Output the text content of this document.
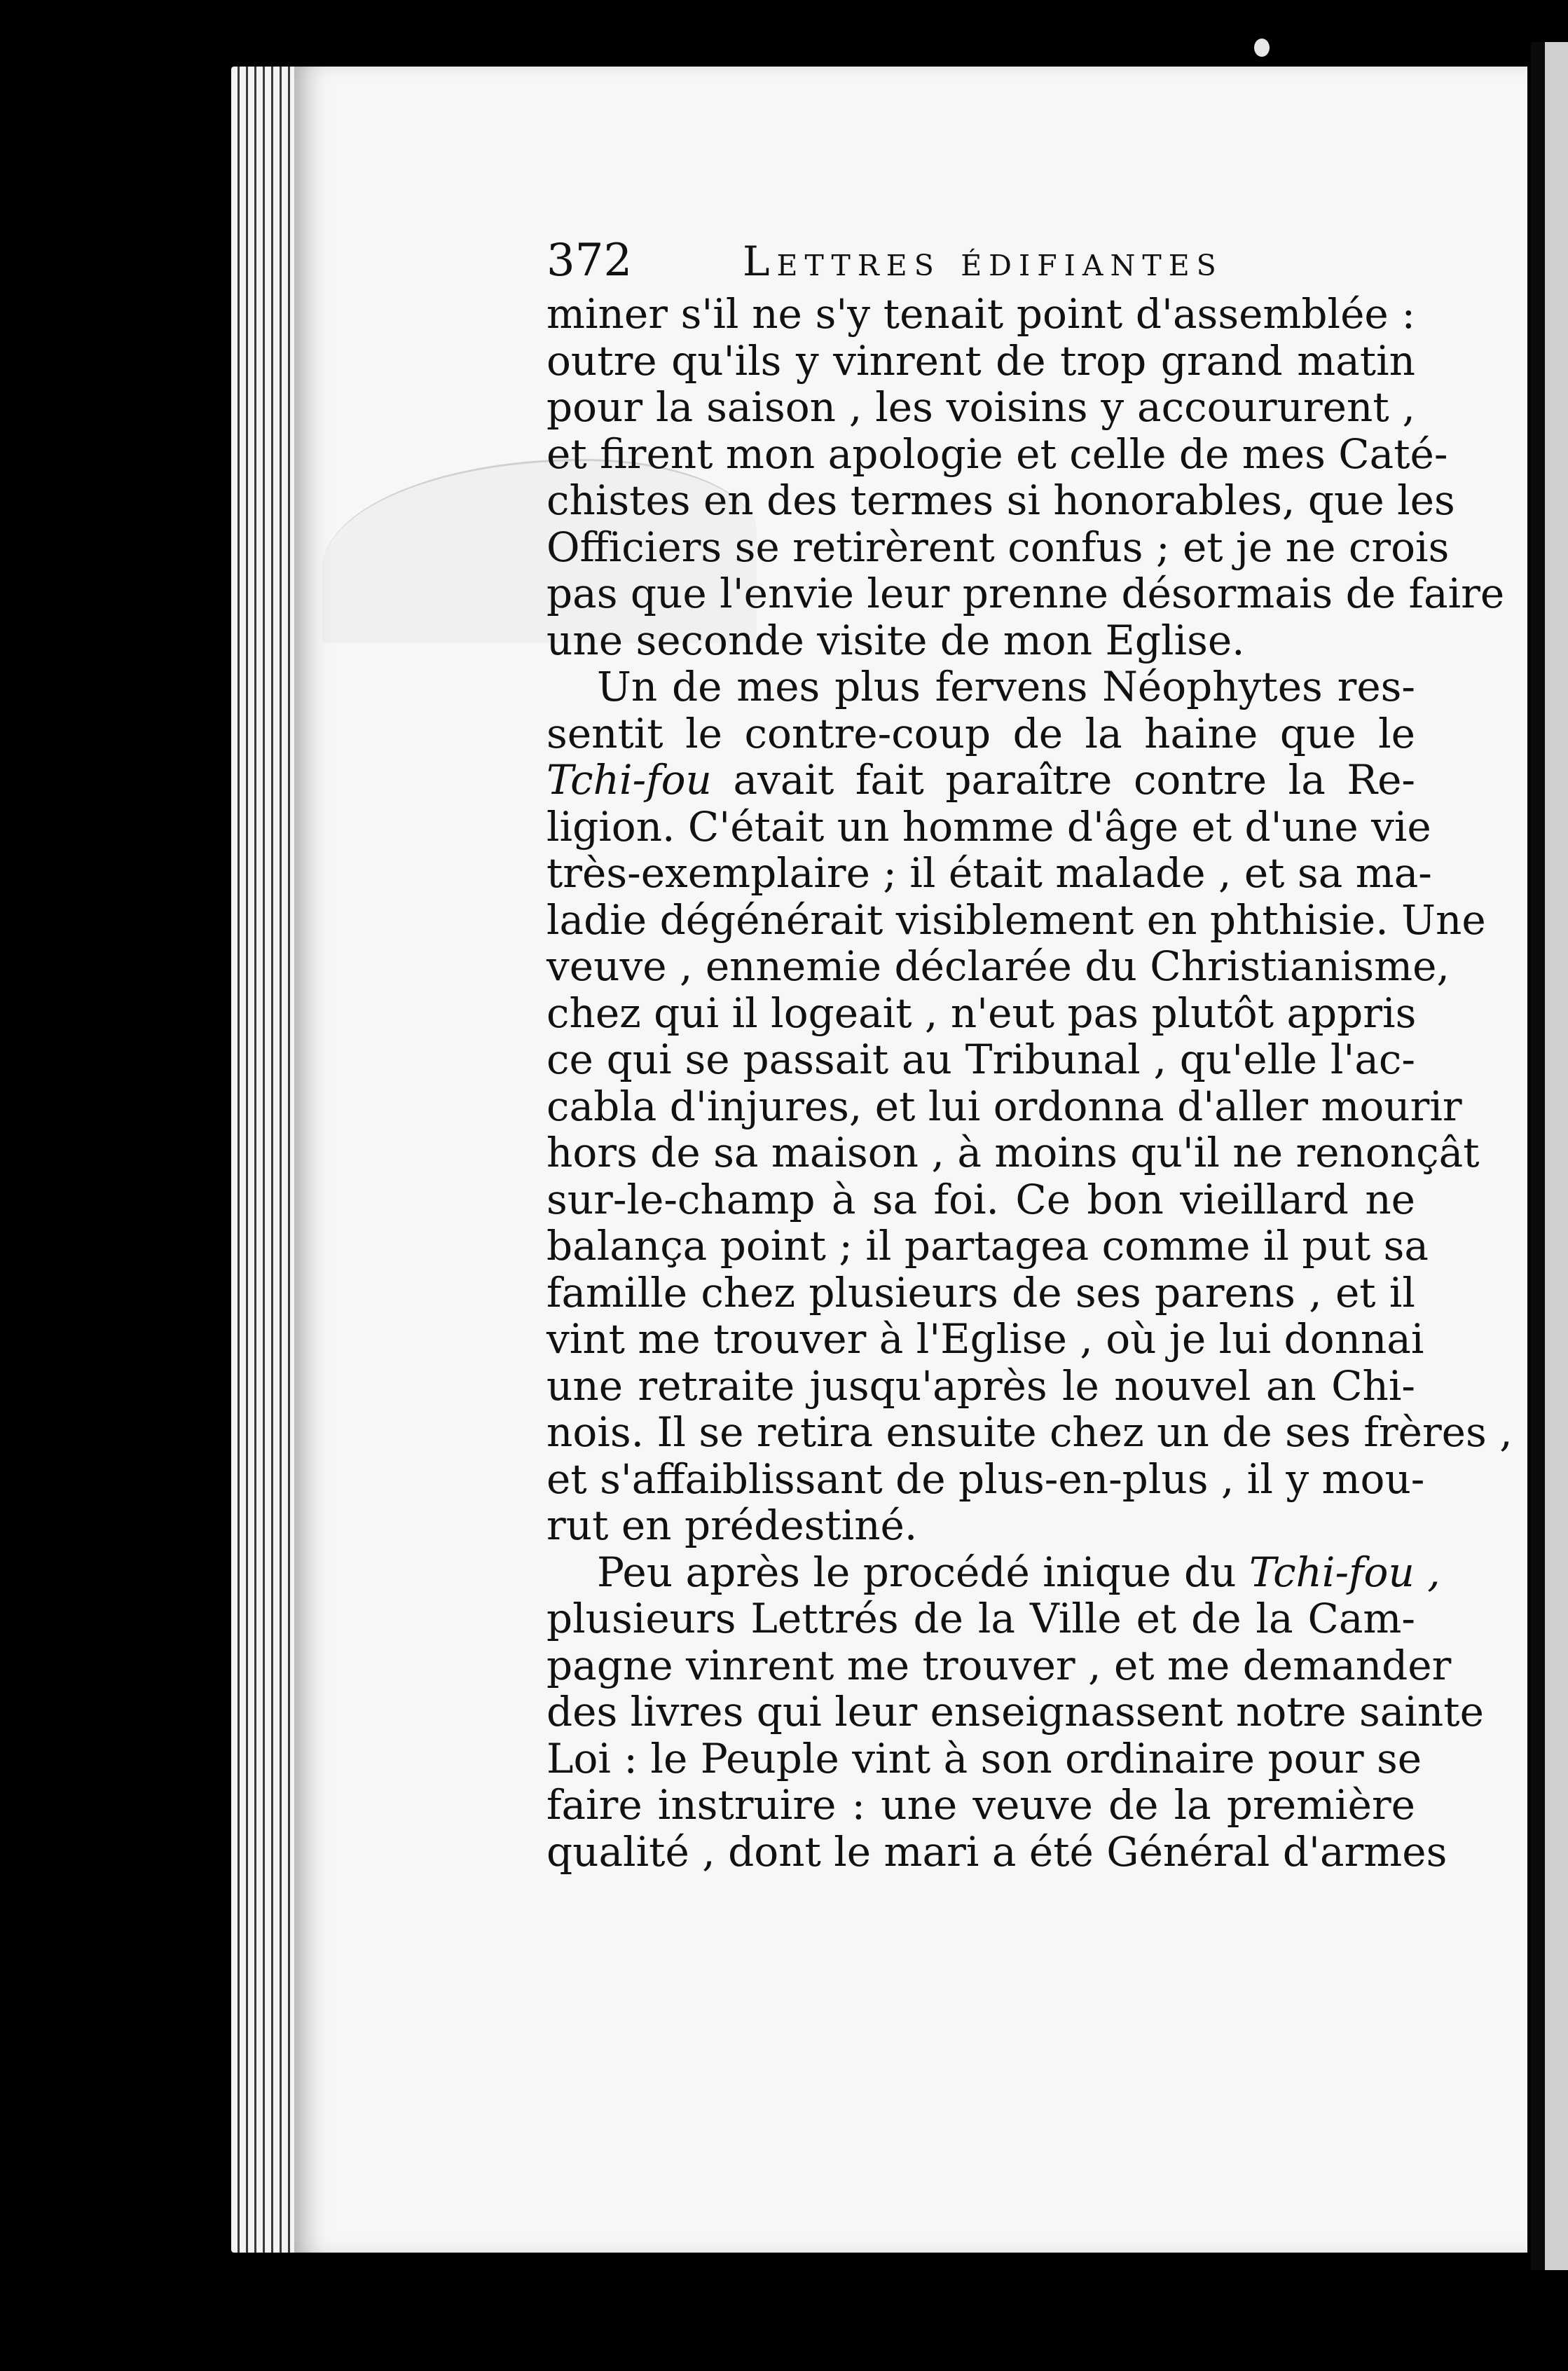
372	Lettres édifiantes
miner s'il ne s'y tenait point d'assemblée :
outre qu'ils y vinrent de trop grand matin
pour la saison , les voisins y accoururent ,
et firent mon apologie et celle de mes Caté-
chistes en des termes si honorables, que les
Officiers se retirèrent confus ; et je ne crois
pas que l'envie leur prenne désormais de faire
une seconde visite de mon Eglise.
Un de mes plus fervens Néophytes res-
sentit le contre-coup de la haine que le
Tchi-fou avait fait paraître contre la Re-
ligion. C'était un homme d'âge et d'une vie
très-exemplaire ; il était malade , et sa ma-
ladie dégénérait visiblement en phthisie. Une
veuve , ennemie déclarée du Christianisme,
chez qui il logeait , n'eut pas plutôt appris
ce qui se passait au Tribunal , qu'elle l'ac-
cabla d'injures, et lui ordonna d'aller mourir
hors de sa maison , à moins qu'il ne renonçât
sur-le-champ à sa foi. Ce bon vieillard ne
balança point ; il partagea comme il put sa
famille chez plusieurs de ses parens , et il
vint me trouver à l'Eglise , où je lui donnai
une retraite jusqu'après le nouvel an Chi-
nois. Il se retira ensuite chez un de ses frères ,
et s'affaiblissant de plus-en-plus , il y mou-
rut en prédestiné.
Peu après le procédé inique du Tchi-fou ,
plusieurs Lettrés de la Ville et de la Cam-
pagne vinrent me trouver , et me demander
des livres qui leur enseignassent notre sainte
Loi : le Peuple vint à son ordinaire pour se
faire instruire : une veuve de la première
qualité , dont le mari a été Général d'armes
